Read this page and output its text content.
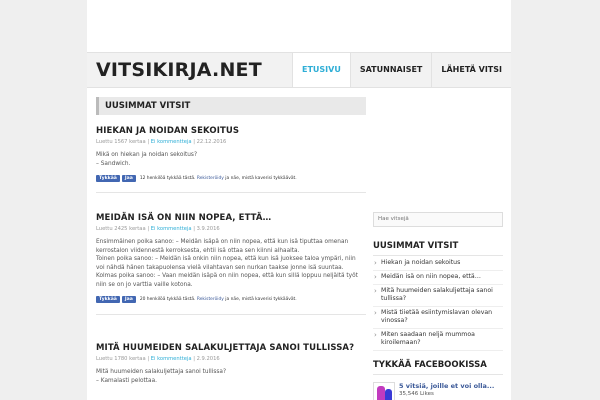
VITSIKIRJA.NET	ETUSIVU	SATUNNAISET	LÄHETÄ VITSI
UUSIMMAT VITSIT
HIEKAN JA NOIDAN SEKOITUS
Luettu 1567 kertaa | Ei kommentteja | 22.12.2016

Mikä on hiekan ja noidan sekoitus?

– Sandwich.

Tykkää	Jaa	12 henkilöä tykkää tästä. Rekisteröidy ja näe, mistä kaverisi tykkäävät.
MEIDÄN ISÄ ON NIIN NOPEA, ETTÄ…
Luettu 2425 kertaa | Ei kommentteja | 3.9.2016

Ensimmäinen poika sanoo: – Meidän isäpä on niin nopea, että kun isä tiputtaa omenan

kerrostalon viidennestä kerroksesta, ehtii isä ottaa sen kiinni alhaalta.

Toinen poika sanoo: – Meidän isä onkin niin nopea, että kun isä juoksee taloa ympäri, niin

voi nähdä hänen takapuolensa vielä vilahtavan sen nurkan taakse jonne isä suuntaa.

Kolmas poika sanoo: – Vaan meidän isäpä on niin nopea, että kun sillä loppuu neljältä työt

niin se on jo varttia vaille kotona.

Tykkää	Jaa	20 henkilöä tykkää tästä. Rekisteröidy ja näe, mistä kaverisi tykkäävät.
MITÄ HUUMEIDEN SALAKULJETTAJA SANOI TULLISSA?
Luettu 1780 kertaa | Ei kommentteja | 2.9.2016

Mitä huumeiden salakuljettaja sanoi tullissa?

– Kamalasti pelottaa.

Hae vitsejä
UUSIMMAT VITSIT
› Hiekan ja noidan sekoitus
› Meidän isä on niin nopea, että…
› Mitä huumeiden salakuljettaja sanoi tullissa?
› Mistä tiietää esiintymislavan olevan
vinossa?
› Miten saadaan neljä mummoa
kiroilemaan?
TYKKÄÄ FACEBOOKISSA
5 vitsiä, joille et voi olla...
35,546 Likes
